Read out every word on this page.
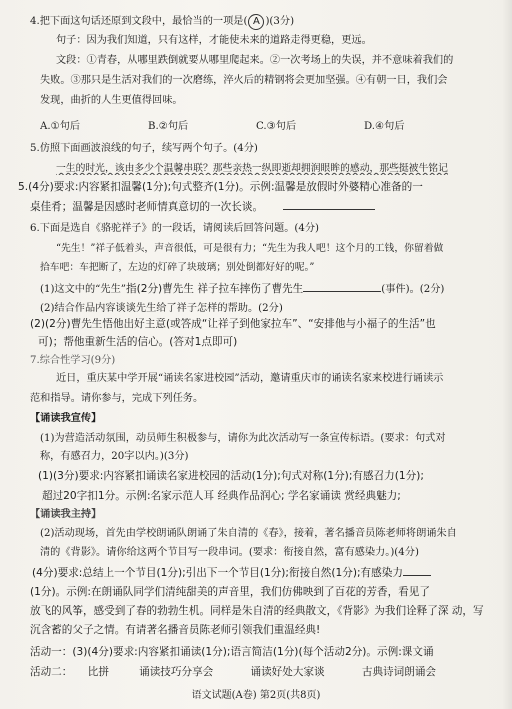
4.把下面这句话还原到文段中，最恰当的一项是( A )(3分)
句子：因为我们知道，只有这样，才能使未来的道路走得更稳，更远。
文段：①青春，从哪里跌倒就要从哪里爬起来。②一次考场上的失误，并不意味着我们的
失败。③那只是生活对我们的一次磨练，淬火后的精钢将会更加坚强。④有朝一日，我们会
发现，曲折的人生更值得回味。
A.①句后	B.②句后	C.③句后	D.④句后
5.仿照下面画波浪线的句子，续写两个句子。(4分)
一生的时光，该由多少个温馨串联？那些亲热一纵即逝却拥润眼眸的感动，那些挺被牛铭记
5.(4分)要求:内容紧扣温馨(1分);句式整齐(1分)。示例:温馨是放假时外婆精心准备的一
桌佳肴；温馨是因感时老师情真意切的一次长谈。
6.下面是选自《骆驼祥子》的一段话，请阅读后回答问题。(4分)
“先生！”祥子低着头，声音很低，可是很有力；“先生为我人吧！这个月的工钱，你留着做
拾车吧：车把断了，左边的灯碎了块玻璃；别处倒都好好的呢。”
(1)这文中的“先生”指(2分)曹先生 祥子拉车摔伤了曹先生	(事件)。(2分)
(2)结合作品内容谈谈先生给了祥子怎样的帮助。(2分)
(2)(2分)曹先生悟他出好主意(或答成“让祥子到他家拉车”、“安排他与小福子的生活”也
可)；帮他重新生活的信心。(答对1点即可)
7.综合性学习(9分)
近日，重庆某中学开展“诵读名家进校园”活动，邀请重庆市的诵读名家来校进行诵读示
范和指导。请你参与，完成下列任务。
【诵读我宣传】
(1)为营造活动氛围，动员师生积极参与，请你为此次活动写一条宣传标语。(要求：句式对
称，有感召力，20字以内。)(3分)
(1)(3分)要求:内容紧扣诵读名家进校园的活动(1分);句式对称(1分);有感召力(1分);
超过20字扣1分。示例:名家示范人耳 经典作品润心; 学名家诵读 赏经典魅力;
【诵读我主持】
(2)活动现场，首先由学校朗诵队朗诵了朱自清的《春》，接着，著名播音员陈老师将朗诵朱自
清的《背影》。请你给这两个节目写一段串词。(要求：衔接自然，富有感染力。)(4分)
(4分)要求:总结上一个节目(1分);引出下一个节目(1分);衔接自然(1分);有感染力
(1分)。示例:在朗诵队同学们清纯甜美的声音里，我们仿佛映到了百花的芳香，看见了
放飞的风筝，感受到了春的勃勃生机。同样是朱自清的经典散文，《背影》为我们诠释了深 动，写
沉含蓄的父子之情。有请著名播音员陈老师引领我们重温经典!
活动一：(3)(4分)要求:内容紧扣诵读(1分);语言简洁(1分)(每个活动2分)。示例:课文诵
活动二： 比拼	诵读技巧分享会	诵读好处大家谈	古典诗词朗诵会
语文试题(A卷) 第2页(共8页)
